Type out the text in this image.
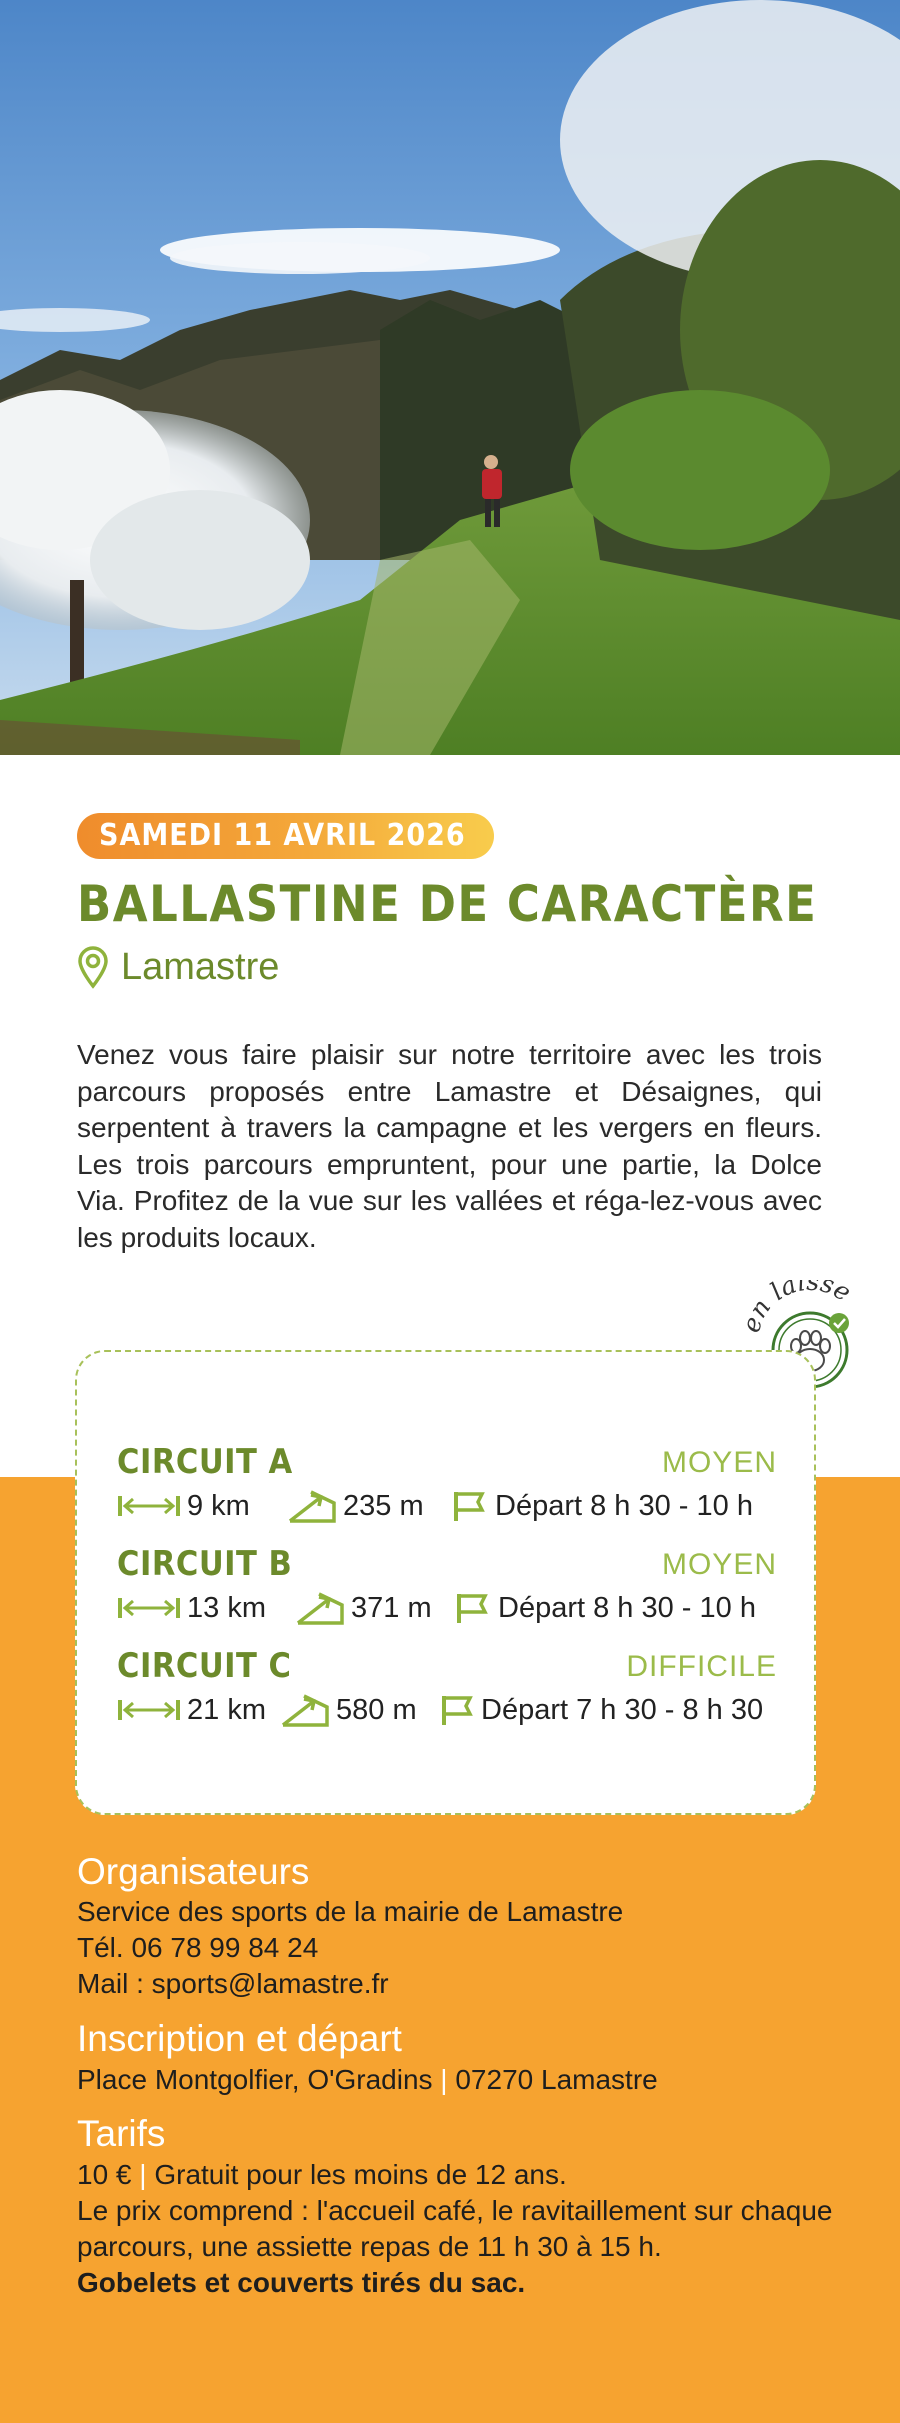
SAMEDI 11 AVRIL 2026
BALLASTINE DE CARACTÈRE
Lamastre
Venez vous faire plaisir sur notre territoire avec les trois parcours proposés entre Lamastre et Désaignes, qui serpentent à travers la campagne et les vergers en fleurs. Les trois parcours empruntent, pour une partie, la Dolce Via. Profitez de la vue sur les vallées et réga-lez-vous avec les produits locaux.
n laisse
CIRCUIT A	MOYEN
9 km	235 m Départ 8 h 30 - 10 h
CIRCUIT B	MOYEN
13 km	371 m Départ 8 h 30 - 10 h
CIRCUIT C	DIFFICILE
21 km 580 m Départ 7 h 30 - 8 h 30
Organisateurs
Service des sports de la mairie de Lamastre
Tél. 06 78 99 84 24
Mail : sports@lamastre.fr
Inscription et départ
Place Montgolfier, O'Gradins | 07270 Lamastre
Tarifs
10 € | Gratuit pour les moins de 12 ans.
Le prix comprend : l'accueil café, le ravitaillement sur chaque parcours, une assiette repas de 11 h 30 à 15 h.
Gobelets et couverts tirés du sac.
